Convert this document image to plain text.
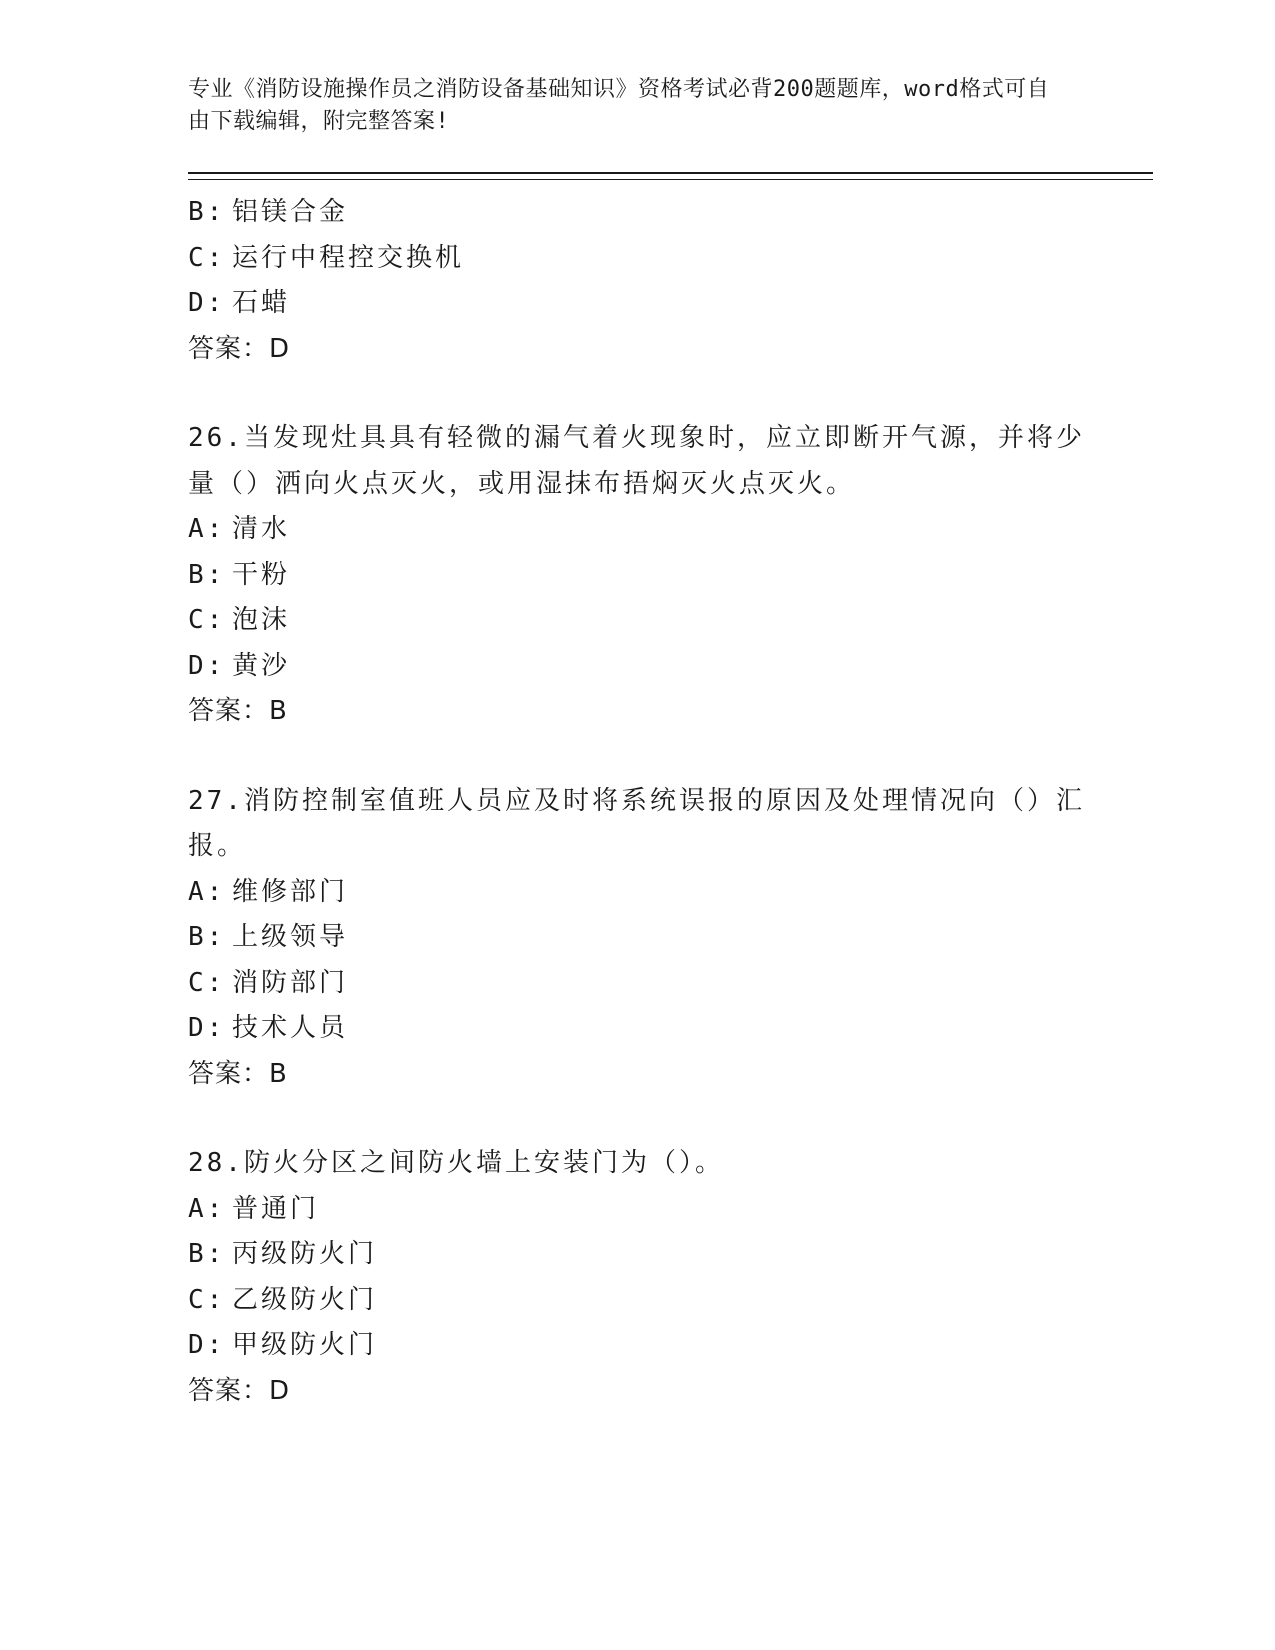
专业《消防设施操作员之消防设备基础知识》资格考试必背200题题库，word格式可自由下载编辑，附完整答案!
B: 铝镁合金
C: 运行中程控交换机
D: 石蜡
答案：D
26.当发现灶具具有轻微的漏气着火现象时，应立即断开气源，并将少量（）洒向火点灭火，或用湿抹布捂焖灭火点灭火。
A: 清水
B: 干粉
C: 泡沫
D: 黄沙
答案：B
27.消防控制室值班人员应及时将系统误报的原因及处理情况向（）汇报。
A: 维修部门
B: 上级领导
C: 消防部门
D: 技术人员
答案：B
28.防火分区之间防火墙上安装门为（）。
A: 普通门
B: 丙级防火门
C: 乙级防火门
D: 甲级防火门
答案：D
